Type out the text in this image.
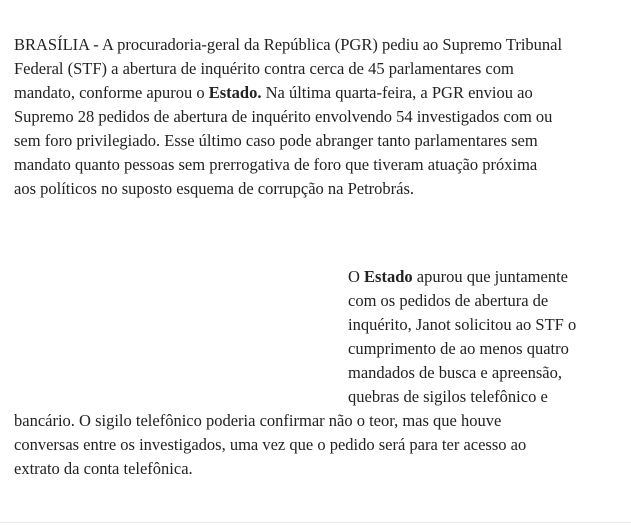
BRASÍLIA - A procuradoria-geral da República (PGR) pediu ao Supremo Tribunal
Federal (STF) a abertura de inquérito contra cerca de 45 parlamentares com
mandato, conforme apurou o Estado. Na última quarta-feira, a PGR enviou ao
Supremo 28 pedidos de abertura de inquérito envolvendo 54 investigados com ou
sem foro privilegiado. Esse último caso pode abranger tanto parlamentares sem
mandato quanto pessoas sem prerrogativa de foro que tiveram atuação próxima
aos políticos no suposto esquema de corrupção na Petrobrás.

O Estado apurou que juntamente
com os pedidos de abertura de
inquérito, Janot solicitou ao STF o
cumprimento de ao menos quatro
mandados de busca e apreensão,
quebras de sigilos telefônico e
bancário. O sigilo telefônico poderia confirmar não o teor, mas que houve
conversas entre os investigados, uma vez que o pedido será para ter acesso ao
extrato da conta telefônica.
